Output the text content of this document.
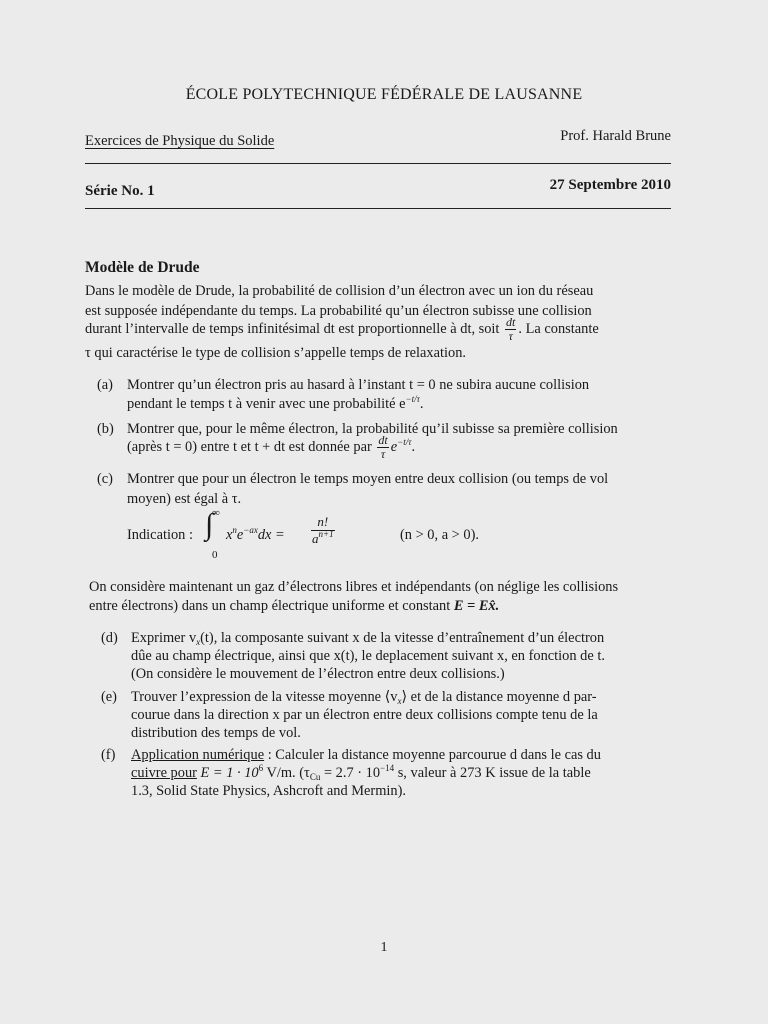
ÉCOLE POLYTECHNIQUE FÉDÉRALE DE LAUSANNE
Exercices de Physique du Solide	Prof. Harald Brune
Série No. 1	27 Septembre 2010
Modèle de Drude
Dans le modèle de Drude, la probabilité de collision d’un électron avec un ion du réseau
est supposée indépendante du temps. La probabilité qu’un électron subisse une collision
durant l’intervalle de temps infinitésimal dt est proportionnelle à dt, soit $\frac{dt}{\tau}$ . La constante
τ qui caractérise le type de collision s’appelle temps de relaxation.
(a) Montrer qu’un électron pris au hasard à l’instant t = 0 ne subira aucune collision
pendant le temps t à venir avec une probabilité $e^{-t/\tau}$.
(b) Montrer que, pour le même électron, la probabilité qu’il subisse sa première collision
(après t = 0) entre t et t + dt est donnée par $\frac{dt}{\tau} e^{-t/\tau}$.
(c) Montrer que pour un électron le temps moyen entre deux collision (ou temps de vol
moyen) est égal à τ.
∞
∫
0
Indication : $x^ne^{-ax}dx = \frac{n!}{a^{n+1}}$	(n > 0, a > 0).
On considère maintenant un gaz d’électrons libres et indépendants (on néglige les collisions
entre électrons) dans un champ électrique uniforme et constant E = Ex̂.
(d) Exprimer $v_x(t)$, la composante suivant x de la vitesse d’entraînement d’un électron
dûe au champ électrique, ainsi que x(t), le deplacement suivant x, en fonction de t.
(On considère le mouvement de l’électron entre deux collisions.)
(e) Trouver l’expression de la vitesse moyenne $⟨v_x⟩$ et de la distance moyenne d par-
courue dans la direction x par un électron entre deux collisions compte tenu de la
distribution des temps de vol.
(f) Application numérique : Calculer la distance moyenne parcourue d dans le cas du
cuivre pour $E = 1 \cdot 10^6$ V/m. ($\tau_{Cu} = 2.7 \cdot 10^{-14}$ s, valeur à 273 K issue de la table
1.3, Solid State Physics, Ashcroft and Mermin).
1
